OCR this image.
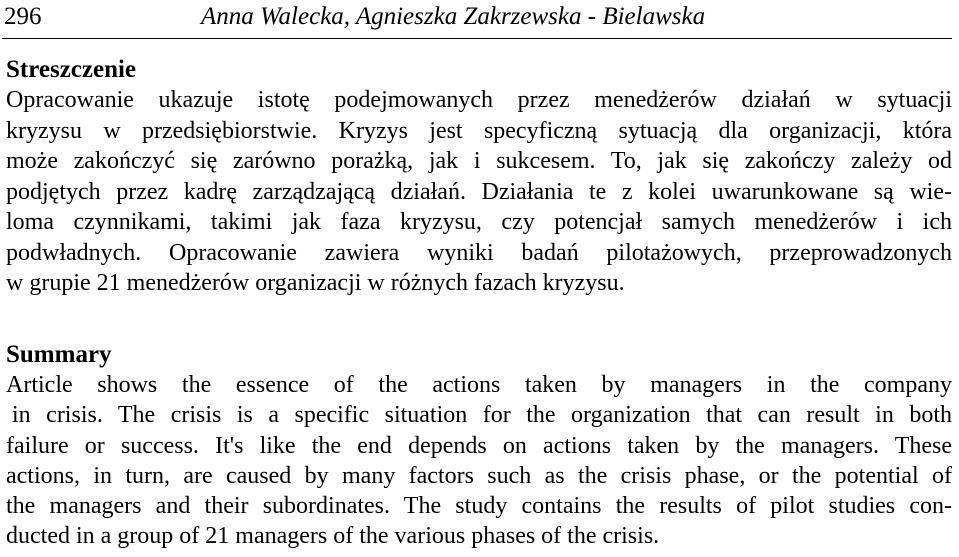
296	Anna Walecka, Agnieszka Zakrzewska - Bielawska
Streszczenie
Opracowanie ukazuje istotę podejmowanych przez menedżerów działań w sytuacji
kryzysu w przedsiębiorstwie. Kryzys jest specyficzną sytuacją dla organizacji, która
może zakończyć się zarówno porażką, jak i sukcesem. To, jak się zakończy zależy od
podjętych przez kadrę zarządzającą działań. Działania te z kolei uwarunkowane są wie-
loma czynnikami, takimi jak faza kryzysu, czy potencjał samych menedżerów i ich
podwładnych. Opracowanie zawiera wyniki badań pilotażowych, przeprowadzonych
w grupie 21 menedżerów organizacji w różnych fazach kryzysu.
Summary
Article shows the essence of the actions taken by managers in the company
in crisis. The crisis is a specific situation for the organization that can result in both
failure or success. It's like the end depends on actions taken by the managers. These
actions, in turn, are caused by many factors such as the crisis phase, or the potential of
the managers and their subordinates. The study contains the results of pilot studies con-
ducted in a group of 21 managers of the various phases of the crisis.
